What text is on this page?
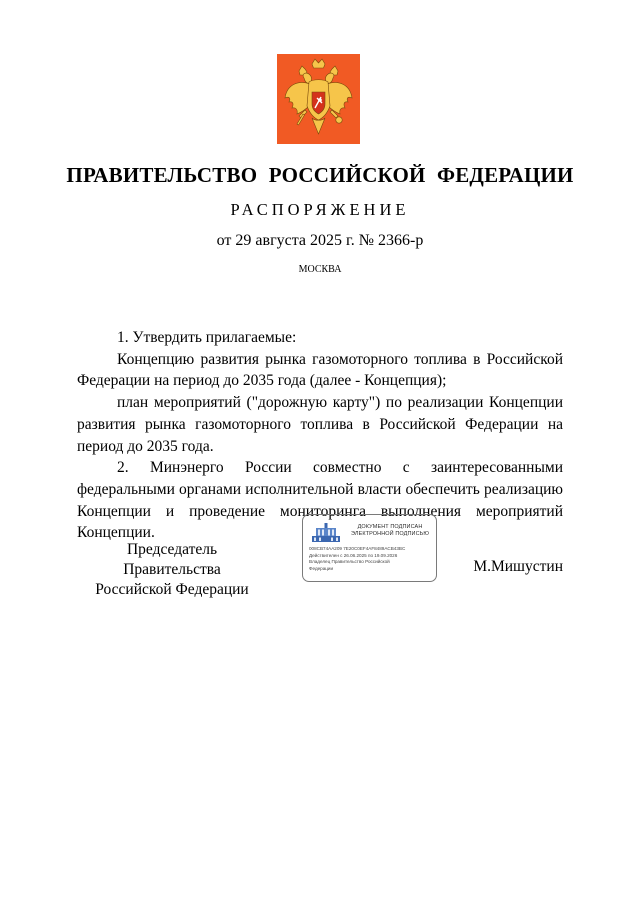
ПРАВИТЕЛЬСТВО РОССИЙСКОЙ ФЕДЕРАЦИИ
РАСПОРЯЖЕНИЕ
от 29 августа 2025 г. № 2366-р
МОСКВА

1. Утвердить прилагаемые:

Концепцию развития рынка газомоторного топлива в Российской Федерации на период до 2035 года (далее - Концепция);

план мероприятий ("дорожную карту") по реализации Концепции развития рынка газомоторного топлива в Российской Федерации на период до 2035 года.

2. Минэнерго России совместно с заинтересованными федеральными органами исполнительной власти обеспечить реализацию Концепции и проведение мониторинга выполнения мероприятий Концепции.

Председатель Правительства
Российской Федерации
ДОКУМЕНТ ПОДПИСАН
ЭЛЕКТРОННОЙ ПОДПИСЬЮ
008CB74AA209 7E20C0EF4AF8489ACB43BC
Действителен с 26.06.2025 по 19.09.2026
Владелец Правительство Российской
Федерации	М.Мишустин
